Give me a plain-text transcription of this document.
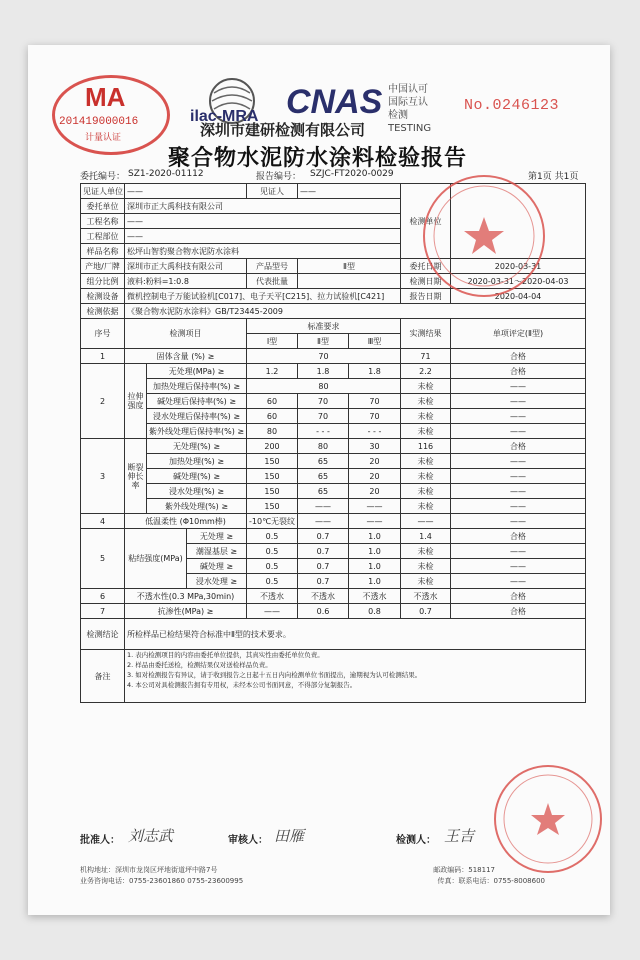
MA
201419000016
计量认证
ilac-MRA CNAS 中国认可
国际互认
检测
TESTING
No.0246123
深圳市建研检测有限公司
聚合物水泥防水涂料检验报告
委托编号： SZ1-2020-01112	报告编号： SZJC-FT2020-0029	第1页 共1页
见证人单位	——			见证人	——		检测单位	
委托单位	深圳市正大禹科技有限公司							
工程名称	——							
工程部位	——							
样品名称	松坪山智豹聚合物水泥防水涂料							
产地/厂牌	深圳市正大禹科技有限公司			产品型号	Ⅱ型		委托日期	2020-03-31
组分比例	液料:粉料=1:0.8			代表批量			检测日期	2020-03-31～2020-04-03
检测设备	微机控制电子万能试验机[C017]、电子天平[C215]、拉力试验机[C421]						报告日期	2020-04-04
检测依据	《聚合物水泥防水涂料》GB/T23445-2009							
序号	检测项目			标准要求			实测结果	单项评定(Ⅱ型)
				Ⅰ型	Ⅱ型	Ⅲ型		
1	固体含量 (%) ≥			70			71	合格
2	拉伸强度	无处理(MPa) ≥		1.2	1.8	1.8	2.2	合格
		加热处理后保持率(%) ≥		80			未检	——
		碱处理后保持率(%) ≥		60	70	70	未检	——
		浸水处理后保持率(%) ≥		60	70	70	未检	——
		紫外线处理后保持率(%) ≥		80	- - -	- - -	未检	——
3	断裂伸长率	无处理(%) ≥		200	80	30	116	合格
		加热处理(%) ≥		150	65	20	未检	——
		碱处理(%) ≥		150	65	20	未检	——
		浸水处理(%) ≥		150	65	20	未检	——
		紫外线处理(%) ≥		150	——	——	未检	——
4	低温柔性 (Φ10mm棒)			-10℃无裂纹	——	——	——	——
5	粘结强度(MPa)		无处理 ≥	0.5	0.7	1.0	1.4	合格
			潮湿基层 ≥	0.5	0.7	1.0	未检	——
			碱处理 ≥	0.5	0.7	1.0	未检	——
			浸水处理 ≥	0.5	0.7	1.0	未检	——
6	不透水性(0.3 MPa,30min)			不透水	不透水	不透水	不透水	合格
7	抗渗性(MPa) ≥			——	0.6	0.8	0.7	合格
检测结论	所检样品已检结果符合标准中Ⅱ型的技术要求。							
备注	1. 表内检测项目的内容由委托单位提供，其真实性由委托单位负责。
2. 样品由委托送检，检测结果仅对送检样品负责。
3. 如对检测报告有异议，请于收到报告之日起十五日内向检测单位书面提出，逾期视为认可检测结果。
4. 本公司对具检测报告拥有专用权，未经本公司书面同意，不得部分复制报告。							
批准人： 刘志武	审核人： 田雁	检测人： 王吉
机构地址：深圳市龙岗区坪地街道坪中路7号	邮政编码：518117
业务咨询电话：0755-23601860 0755-23600995	传真：联系电话：0755-8008600
